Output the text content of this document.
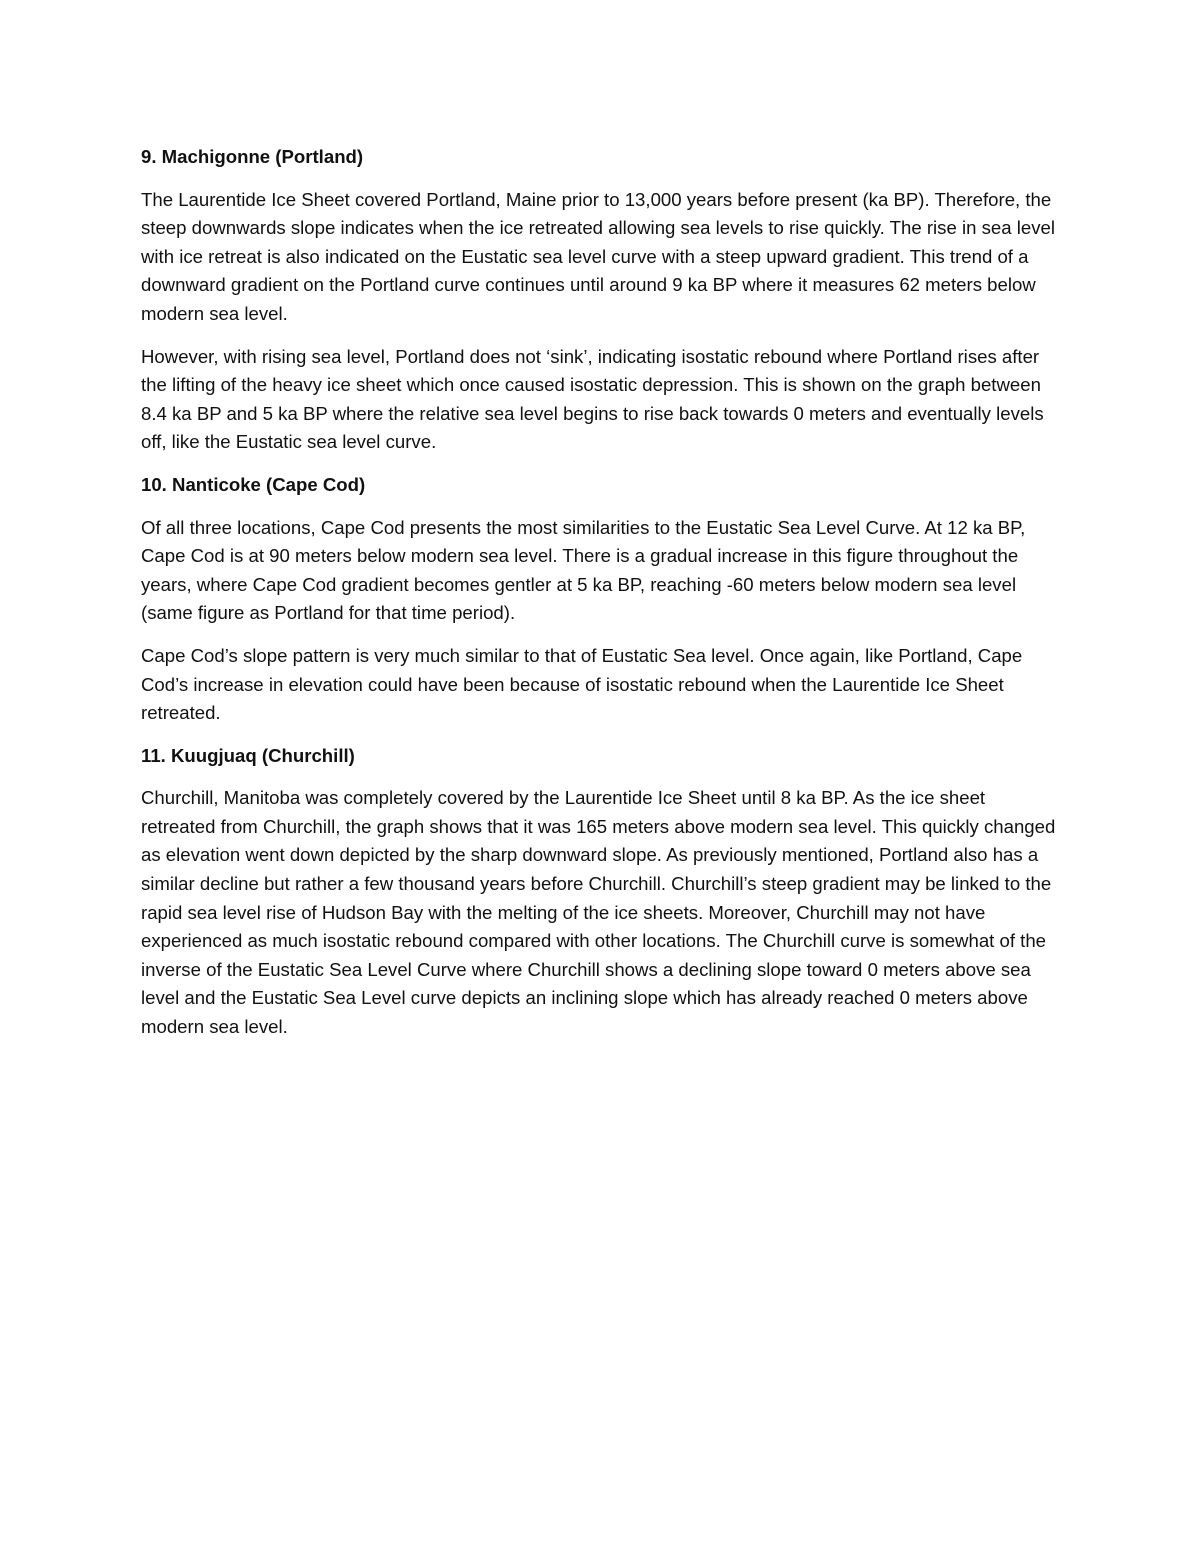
9. Machigonne (Portland)

The Laurentide Ice Sheet covered Portland, Maine prior to 13,000 years before present (ka BP). Therefore, the steep downwards slope indicates when the ice retreated allowing sea levels to rise quickly. The rise in sea level with ice retreat is also indicated on the Eustatic sea level curve with a steep upward gradient. This trend of a downward gradient on the Portland curve continues until around 9 ka BP where it measures 62 meters below modern sea level.

However, with rising sea level, Portland does not ‘sink’, indicating isostatic rebound where Portland rises after the lifting of the heavy ice sheet which once caused isostatic depression. This is shown on the graph between 8.4 ka BP and 5 ka BP where the relative sea level begins to rise back towards 0 meters and eventually levels off, like the Eustatic sea level curve.

10. Nanticoke (Cape Cod)

Of all three locations, Cape Cod presents the most similarities to the Eustatic Sea Level Curve. At 12 ka BP, Cape Cod is at 90 meters below modern sea level. There is a gradual increase in this figure throughout the years, where Cape Cod gradient becomes gentler at 5 ka BP, reaching -60 meters below modern sea level (same figure as Portland for that time period).

Cape Cod’s slope pattern is very much similar to that of Eustatic Sea level. Once again, like Portland, Cape Cod’s increase in elevation could have been because of isostatic rebound when the Laurentide Ice Sheet retreated.

11. Kuugjuaq (Churchill)

Churchill, Manitoba was completely covered by the Laurentide Ice Sheet until 8 ka BP. As the ice sheet retreated from Churchill, the graph shows that it was 165 meters above modern sea level. This quickly changed as elevation went down depicted by the sharp downward slope. As previously mentioned, Portland also has a similar decline but rather a few thousand years before Churchill. Churchill’s steep gradient may be linked to the rapid sea level rise of Hudson Bay with the melting of the ice sheets. Moreover, Churchill may not have experienced as much isostatic rebound compared with other locations. The Churchill curve is somewhat of the inverse of the Eustatic Sea Level Curve where Churchill shows a declining slope toward 0 meters above sea level and the Eustatic Sea Level curve depicts an inclining slope which has already reached 0 meters above modern sea level.
